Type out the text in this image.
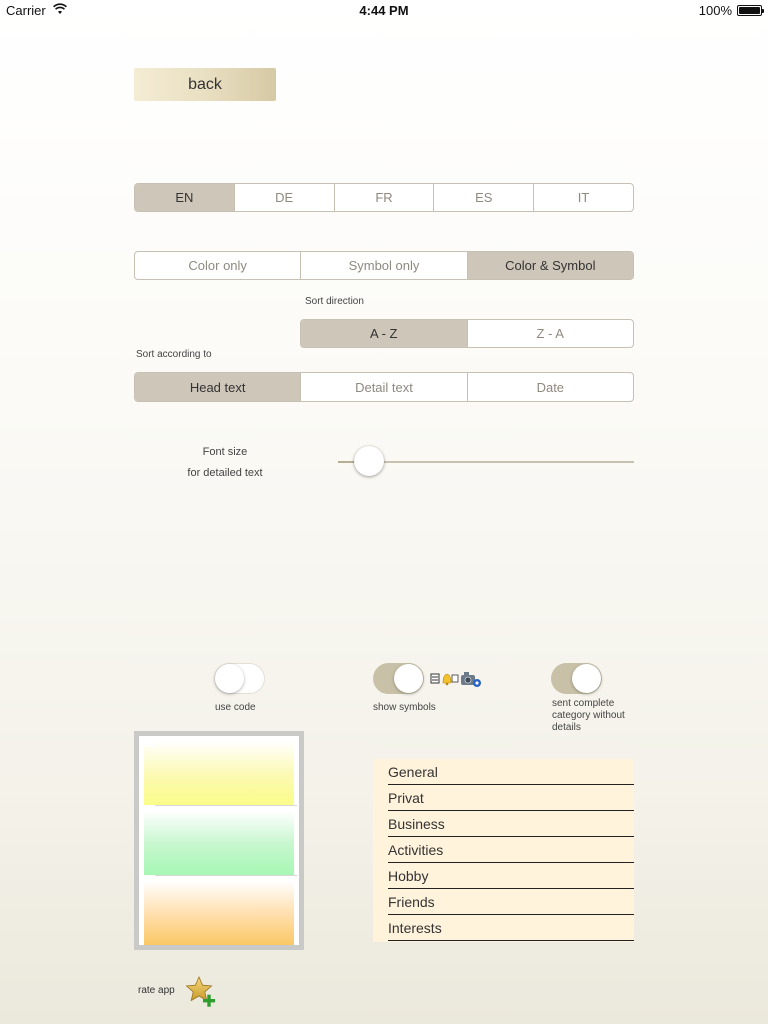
Carrier	4:44 PM	100%
back
EN	DE	FR	ES	IT
Color only	Symbol only	Color & Symbol
Sort direction
A - Z	Z - A
Sort according to
Head text	Detail text	Date
Font size
for detailed text
use code	show symbols	sent complete category without details
General
Privat
Business
Activities
Hobby
Friends
Interests
rate app
